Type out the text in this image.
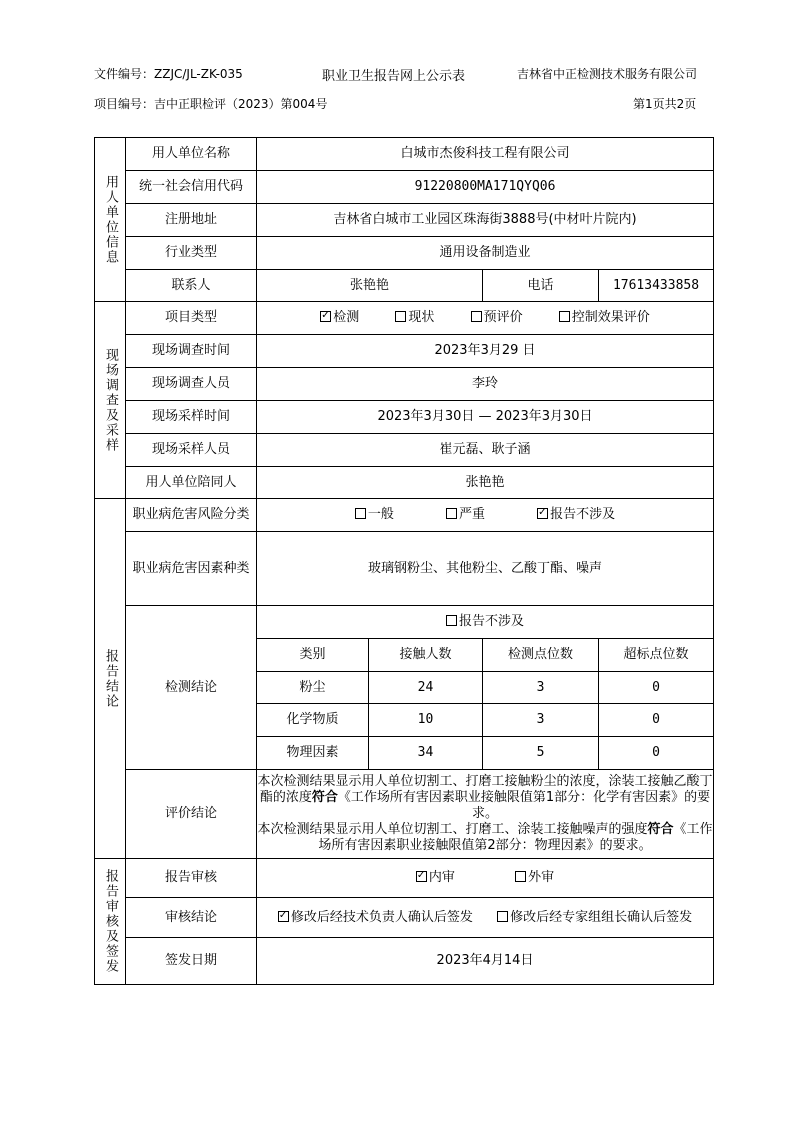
文件编号：ZZJC/JL-ZK-035	职业卫生报告网上公示表	吉林省中正检测技术服务有限公司
项目编号：吉中正职检评（2023）第004号	第1页共2页
用人单位信息	用人单位名称	白城市杰俊科技工程有限公司			
	统一社会信用代码	91220800MA171QYQ06			
	注册地址	吉林省白城市工业园区珠海街3888号(中材叶片院内)			
	行业类型	通用设备制造业			
	联系人	张艳艳		电话	17613433858
现场调查及采样	项目类型	✓检测 现状 预评价 控制效果评价
	现场调查时间	2023年3月29 日			
	现场调查人员	李玲			
	现场采样时间	2023年3月30日 — 2023年3月30日			
	现场采样人员	崔元磊、耿子涵			
	用人单位陪同人	张艳艳			
报告结论	职业病危害风险分类	一般 严重 ✓ 报告不涉及
	职业病危害因素种类	玻璃钢粉尘、其他粉尘、乙酸丁酯、噪声			
	检测结论	报告不涉及			
		类别	接触人数	检测点位数	超标点位数
		粉尘	24	3	0
		化学物质	10	3	0
		物理因素	34	5	0
	评价结论	本次检测结果显示用人单位切割工、打磨工接触粉尘的浓度，涂装工接触乙酸丁酯的浓度符合《工作场所有害因素职业接触限值第1部分：化学有害因素》的要求。
本次检测结果显示用人单位切割工、打磨工、涂装工接触噪声的强度符合《工作场所有害因素职业接触限值第2部分：物理因素》的要求。			

报告审核及签发	报告审核	✓内审 外审
	审核结论	✓修改后经技术负责人确认后签发 修改后经专家组组长确认后签发
	签发日期	2023年4月14日			
